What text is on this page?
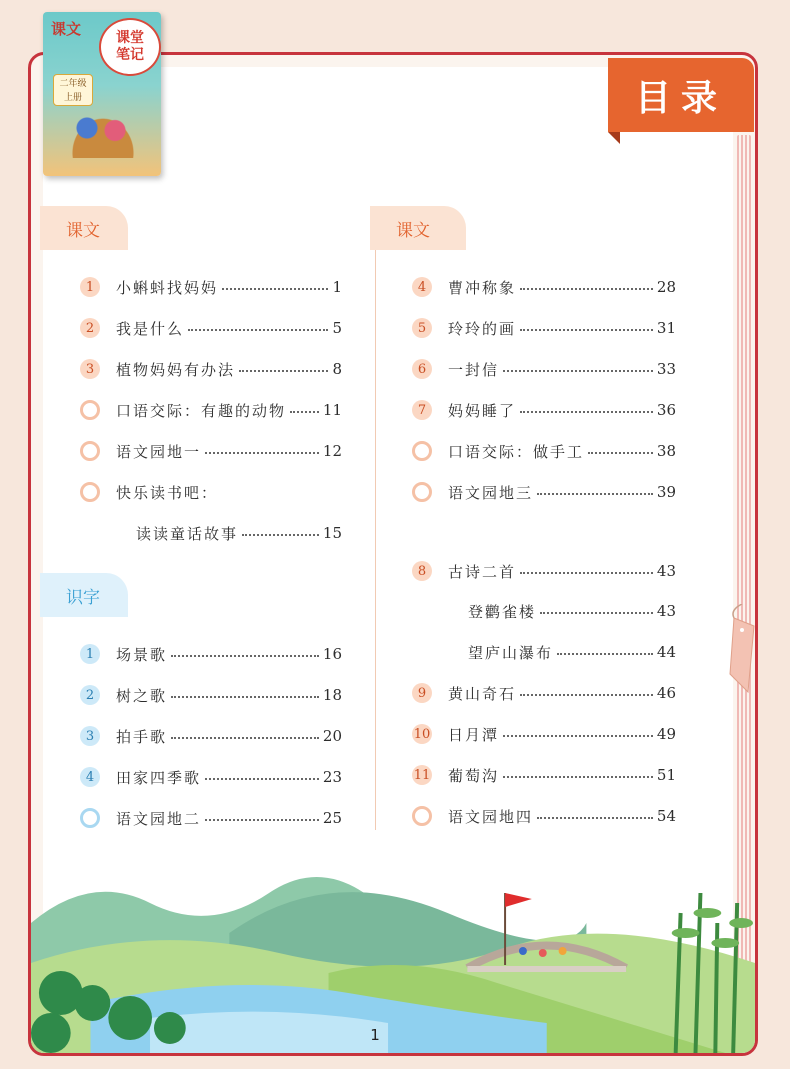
课文 课堂
笔记
二年级
上册	目录
课文	课文
识字
1	小蝌蚪找妈妈	1
2	我是什么	5
3	植物妈妈有办法	8
口语交际：有趣的动物 11
语文园地一	12
快乐读书吧：
读读童话故事	15
1	场景歌	16
2	树之歌	18
3	拍手歌	20
4	田家四季歌	23
语文园地二	25
4	曹冲称象	28
5	玲玲的画	31
6	一封信	33
7	妈妈睡了	36
口语交际：做手工	38
语文园地三	39
8	古诗二首	43
登鹳雀楼	43
望庐山瀑布	44
9	黄山奇石	46
10 日月潭	49
11 葡萄沟	51
语文园地四	54
1
